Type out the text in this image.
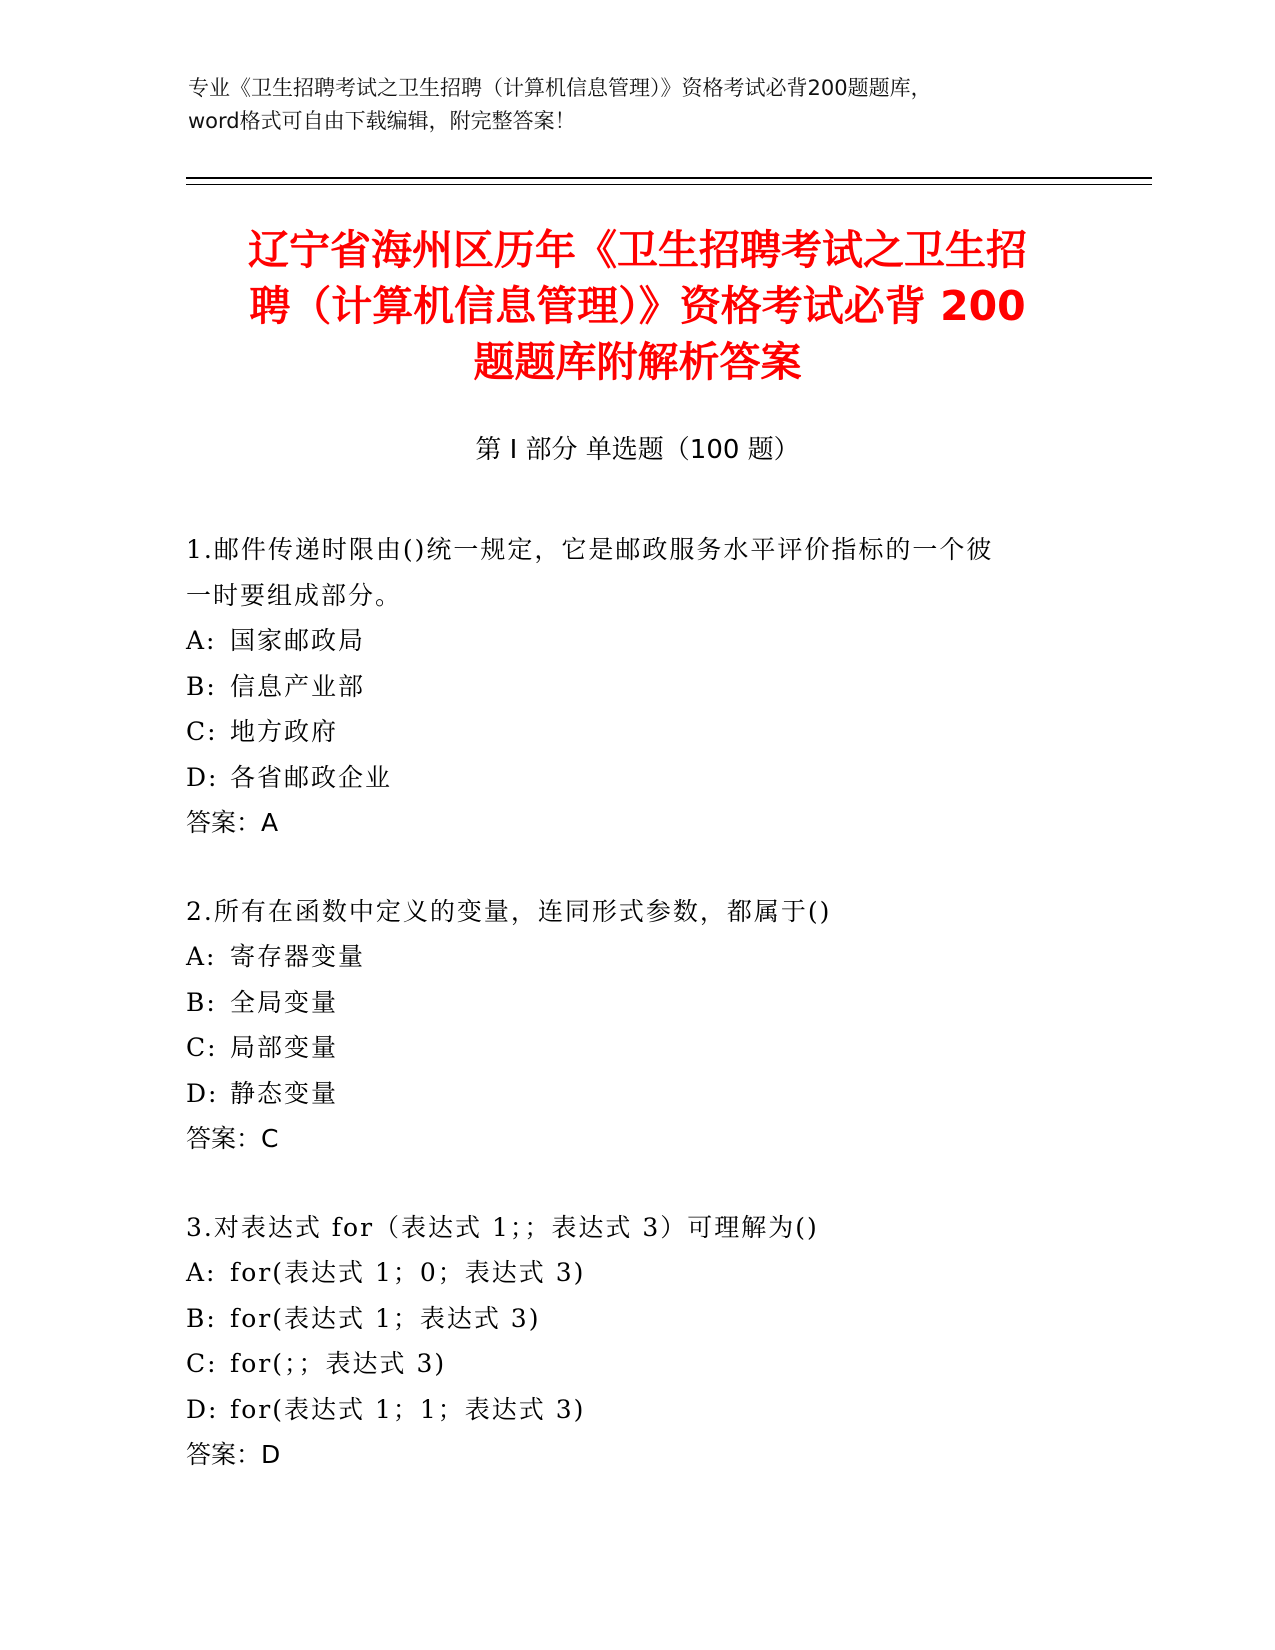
专业《卫生招聘考试之卫生招聘（计算机信息管理）》资格考试必背200题题库，
word格式可自由下载编辑，附完整答案！
辽宁省海州区历年《卫生招聘考试之卫生招
聘（计算机信息管理）》资格考试必背 200
题题库附解析答案
第 I 部分 单选题（100 题）
1.邮件传递时限由()统一规定，它是邮政服务水平评价指标的一个彼
一时要组成部分。
A: 国家邮政局
B: 信息产业部
C: 地方政府
D: 各省邮政企业
答案：A
2.所有在函数中定义的变量，连同形式参数，都属于()
A: 寄存器变量
B: 全局变量
C: 局部变量
D: 静态变量
答案：C
3.对表达式 for（表达式 1；；表达式 3）可理解为()
A: for(表达式 1；0；表达式 3)
B: for(表达式 1；表达式 3)
C: for(；；表达式 3)
D: for(表达式 1；1；表达式 3)
答案：D
